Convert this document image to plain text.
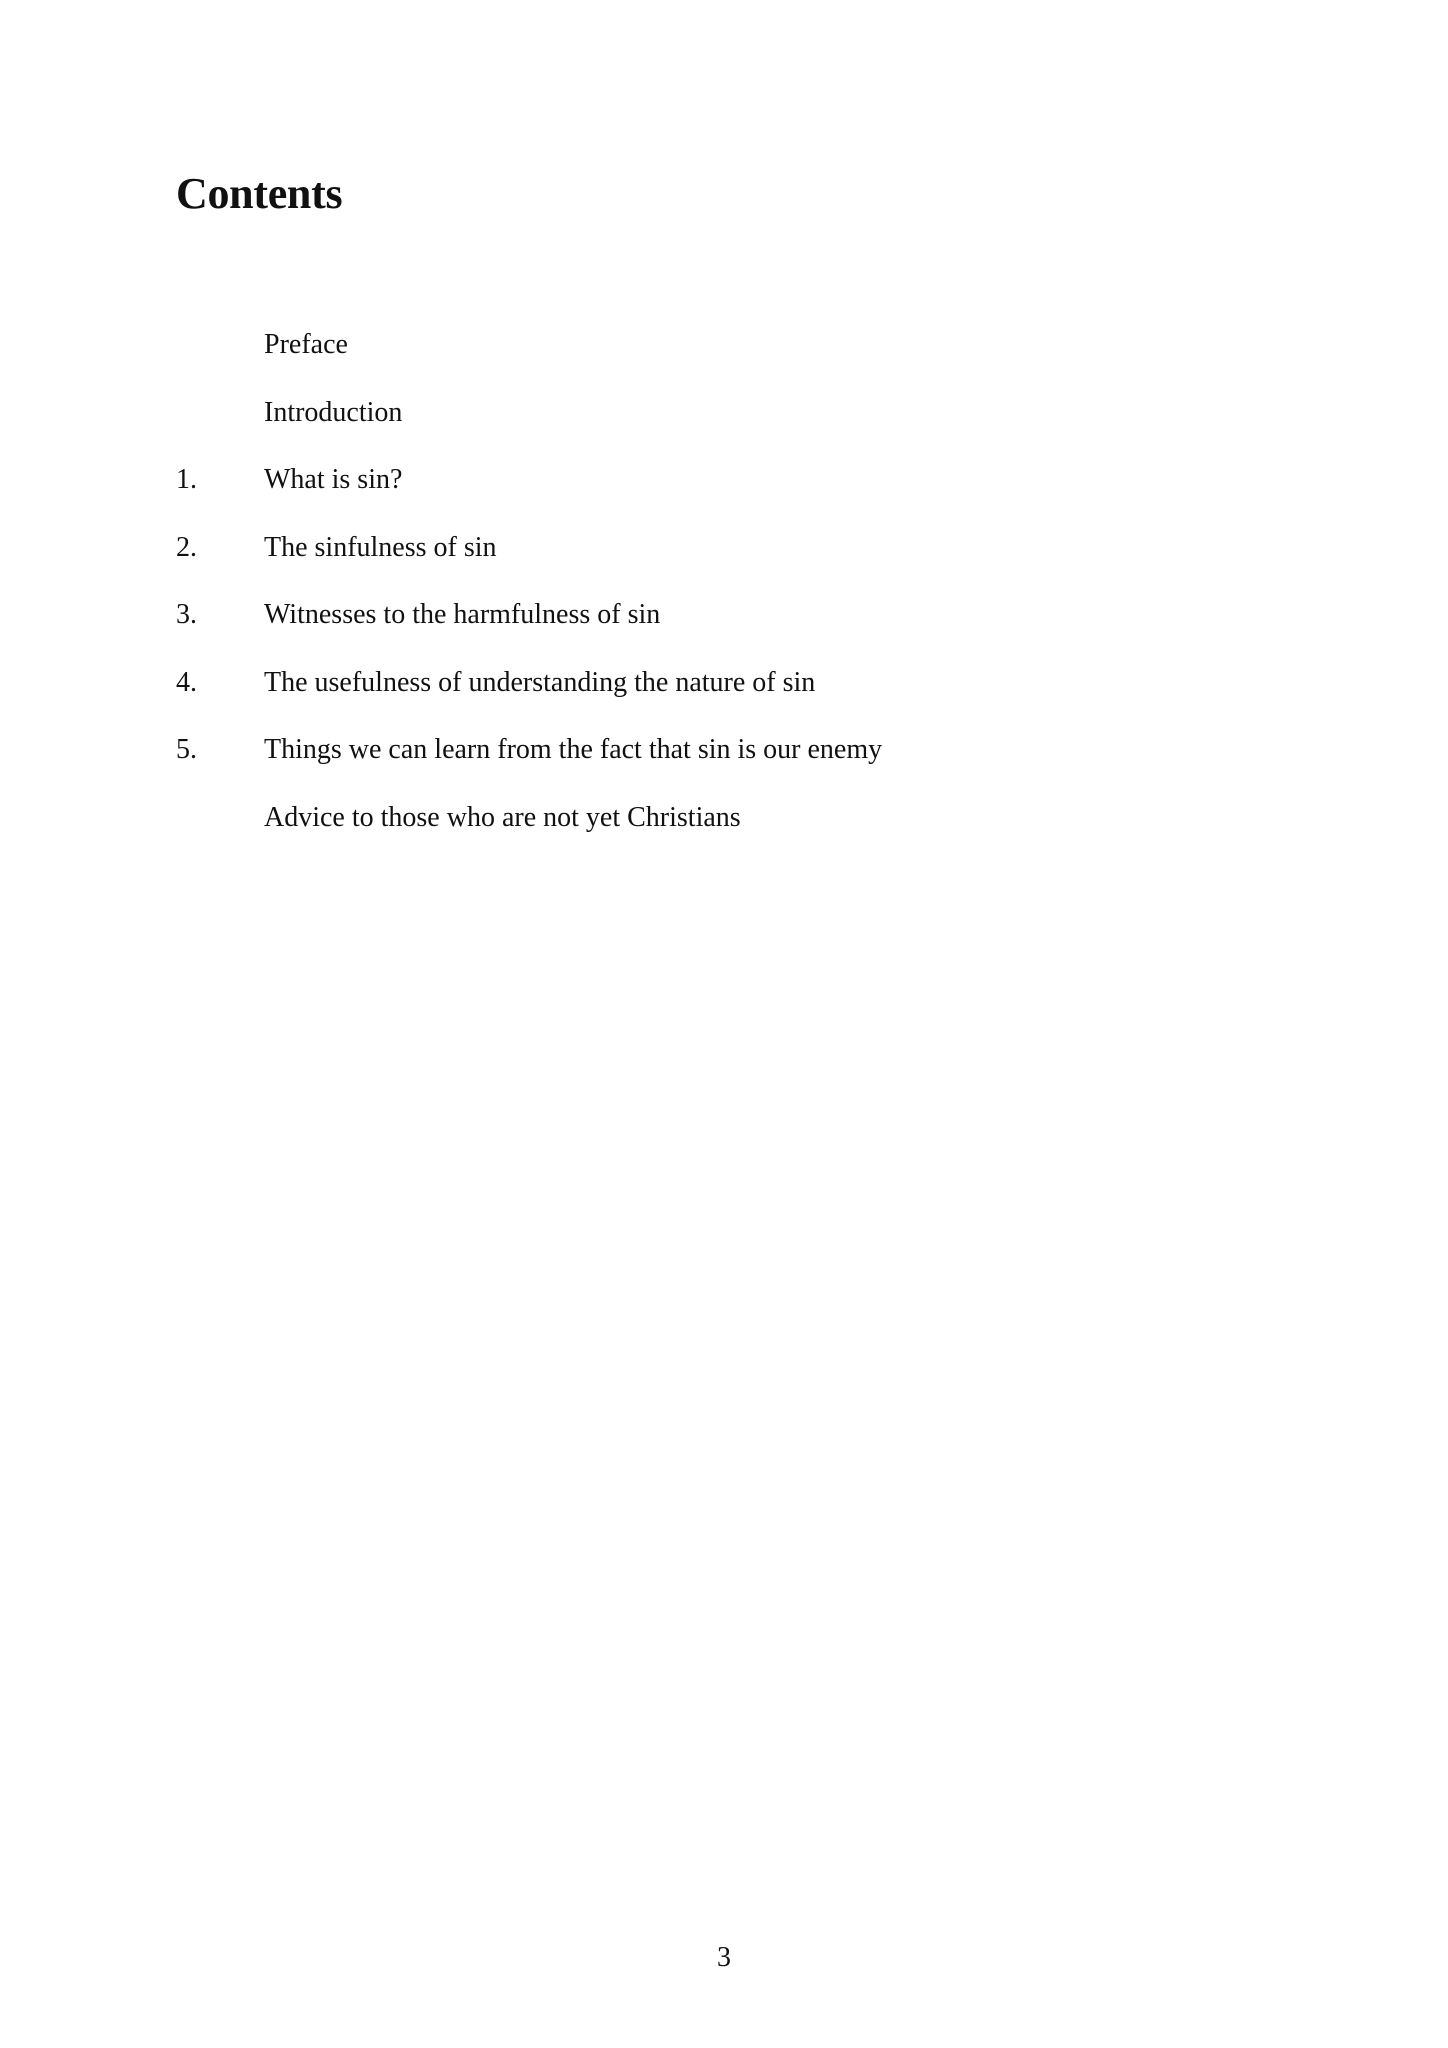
Contents
Preface
Introduction
1.	What is sin?
2.	The sinfulness of sin
3.	Witnesses to the harmfulness of sin
4.	The usefulness of understanding the nature of sin
5.	Things we can learn from the fact that sin is our enemy
Advice to those who are not yet Christians
3
